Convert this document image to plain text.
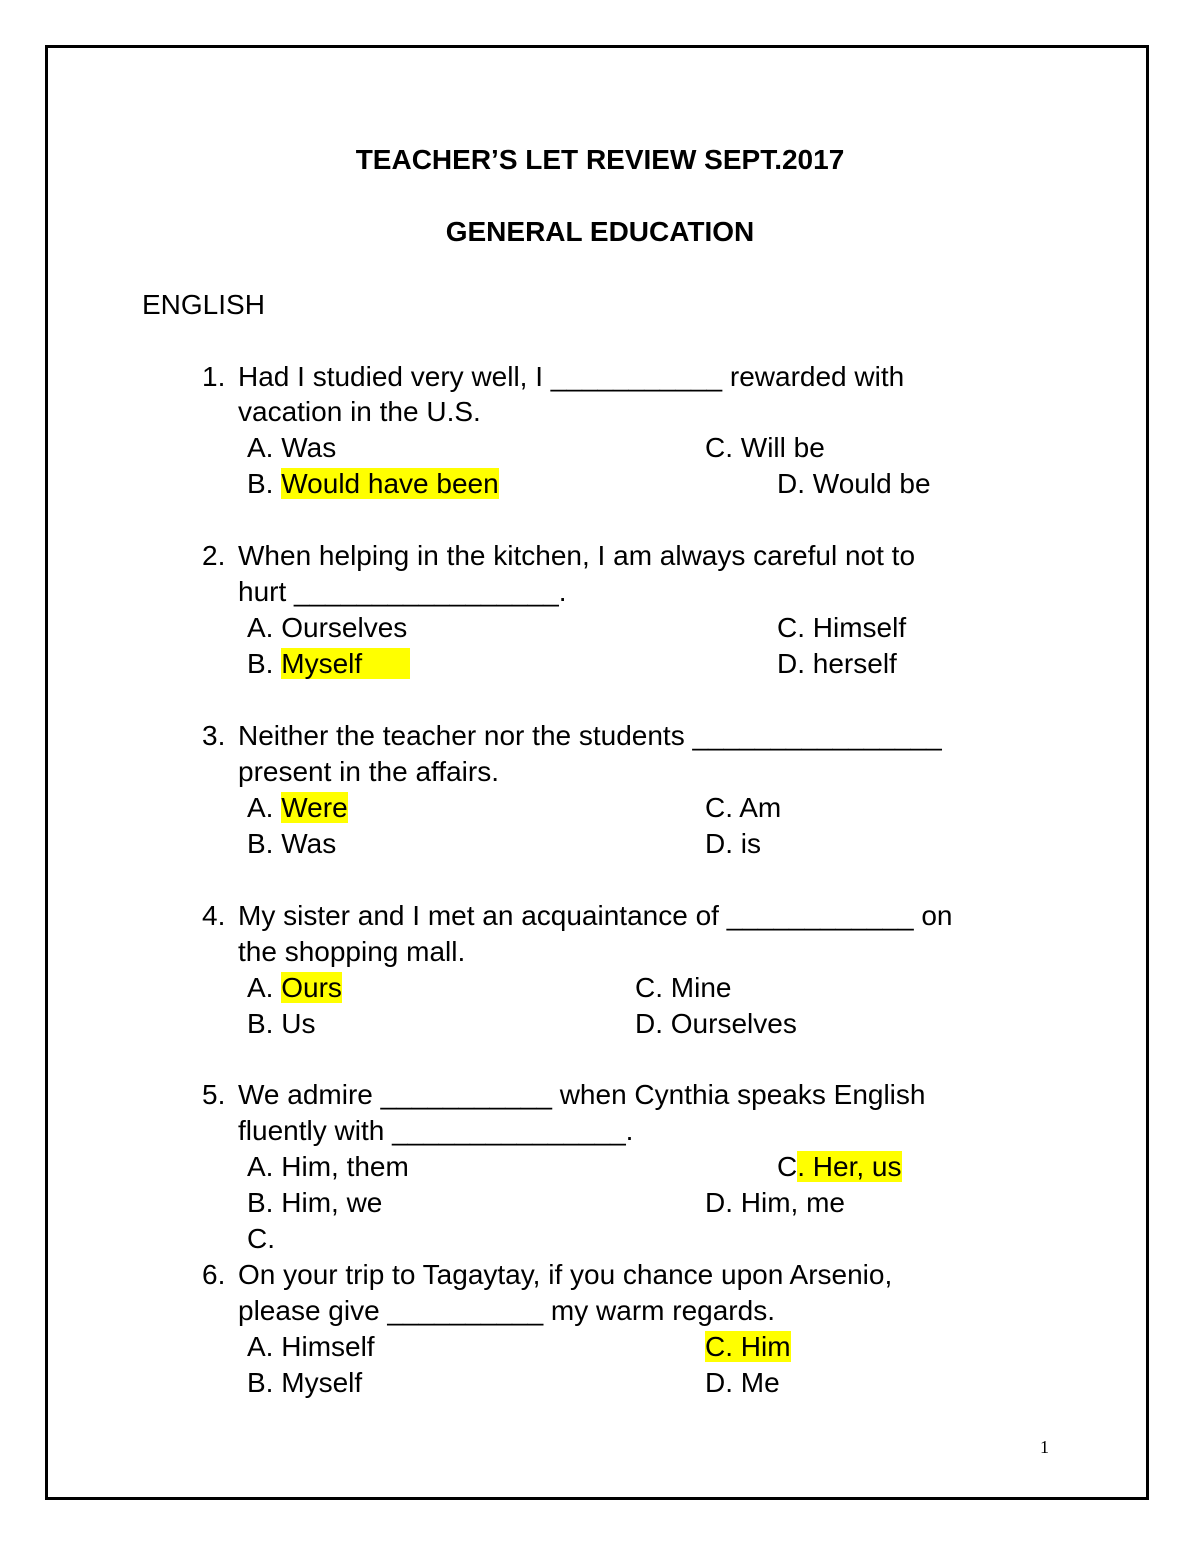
TEACHER’S LET REVIEW SEPT.2017
GENERAL EDUCATION
ENGLISH
1. Had I studied very well, I ___________ rewarded with
vacation in the U.S.
A. Was	C. Will be
B. Would have been	D. Would be
2. When helping in the kitchen, I am always careful not to
hurt _________________.
A. Ourselves	C. Himself
B. Myself	D. herself
3. Neither the teacher nor the students ________________
present in the affairs.
A. Were	C. Am
B. Was	D. is
4. My sister and I met an acquaintance of ____________ on
the shopping mall.
A. Ours	C. Mine
B. Us	D. Ourselves
5. We admire ___________ when Cynthia speaks English
fluently with _______________.
A. Him, them	C. Her, us
B. Him, we	D. Him, me
C.
6. On your trip to Tagaytay, if you chance upon Arsenio,
please give __________ my warm regards.
A. Himself	C. Him
B. Myself	D. Me
1
